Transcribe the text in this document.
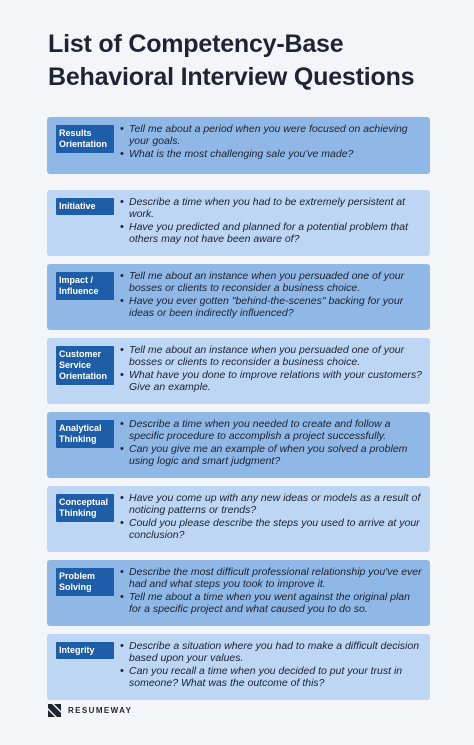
List of Competency-Base
Behavioral Interview Questions
Results Orientation
• Tell me about a period when you were focused on achieving your goals.
• What is the most challenging sale you've made?
Initiative	• Describe a time when you had to be extremely persistent at work.
• Have you predicted and planned for a potential problem that others may not have been aware of?
Impact / Influence
• Tell me about an instance when you persuaded one of your bosses or clients to reconsider a business choice.
• Have you ever gotten "behind-the-scenes" backing for your ideas or been indirectly influenced?
Customer Service Orientation
• Tell me about an instance when you persuaded one of your bosses or clients to reconsider a business choice.
• What have you done to improve relations with your customers? Give an example.
Analytical Thinking
• Describe a time when you needed to create and follow a specific procedure to accomplish a project successfully.
• Can you give me an example of when you solved a problem using logic and smart judgment?
Conceptual Thinking
• Have you come up with any new ideas or models as a result of noticing patterns or trends?
• Could you please describe the steps you used to arrive at your conclusion?
Problem Solving
• Describe the most difficult professional relationship you've ever had and what steps you took to improve it.
• Tell me about a time when you went against the original plan for a specific project and what caused you to do so.
Integrity	• Describe a situation where you had to make a difficult decision based upon your values.
• Can you recall a time when you decided to put your trust in someone? What was the outcome of this?
RESUMEWAY
